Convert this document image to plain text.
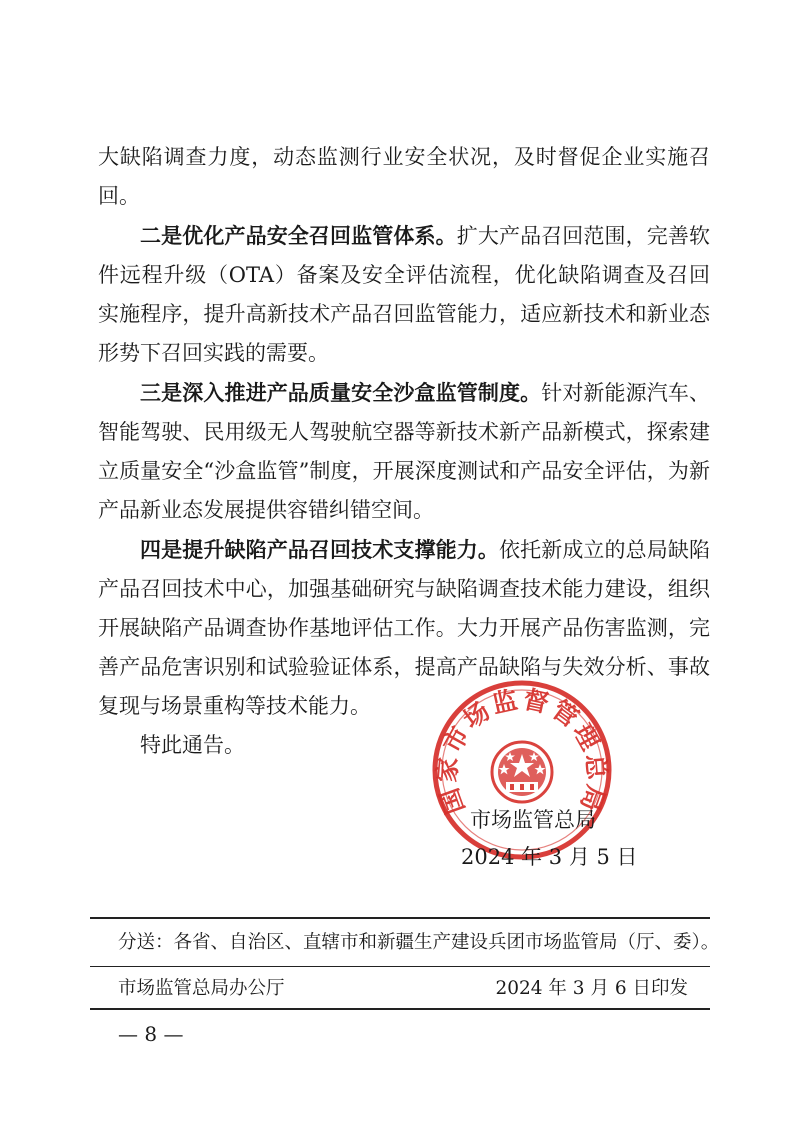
大缺陷调查力度，动态监测行业安全状况，及时督促企业实施召回。

二是优化产品安全召回监管体系。扩大产品召回范围，完善软件远程升级（OTA）备案及安全评估流程，优化缺陷调查及召回实施程序，提升高新技术产品召回监管能力，适应新技术和新业态形势下召回实践的需要。

三是深入推进产品质量安全沙盒监管制度。针对新能源汽车、智能驾驶、民用级无人驾驶航空器等新技术新产品新模式，探索建立质量安全“沙盒监管”制度，开展深度测试和产品安全评估，为新产品新业态发展提供容错纠错空间。

四是提升缺陷产品召回技术支撑能力。依托新成立的总局缺陷产品召回技术中心，加强基础研究与缺陷调查技术能力建设，组织开展缺陷产品调查协作基地评估工作。大力开展产品伤害监测，完善产品危害识别和试验验证体系，提高产品缺陷与失效分析、事故复现与场景重构等技术能力。

特此通告。

国家市场监督管理总局
市场监管总局
2024 年 3 月 5 日
分送：各省、自治区、直辖市和新疆生产建设兵团市场监管局（厅、委）。
市场监管总局办公厅	2024 年 3 月 6 日印发
— 8 —
